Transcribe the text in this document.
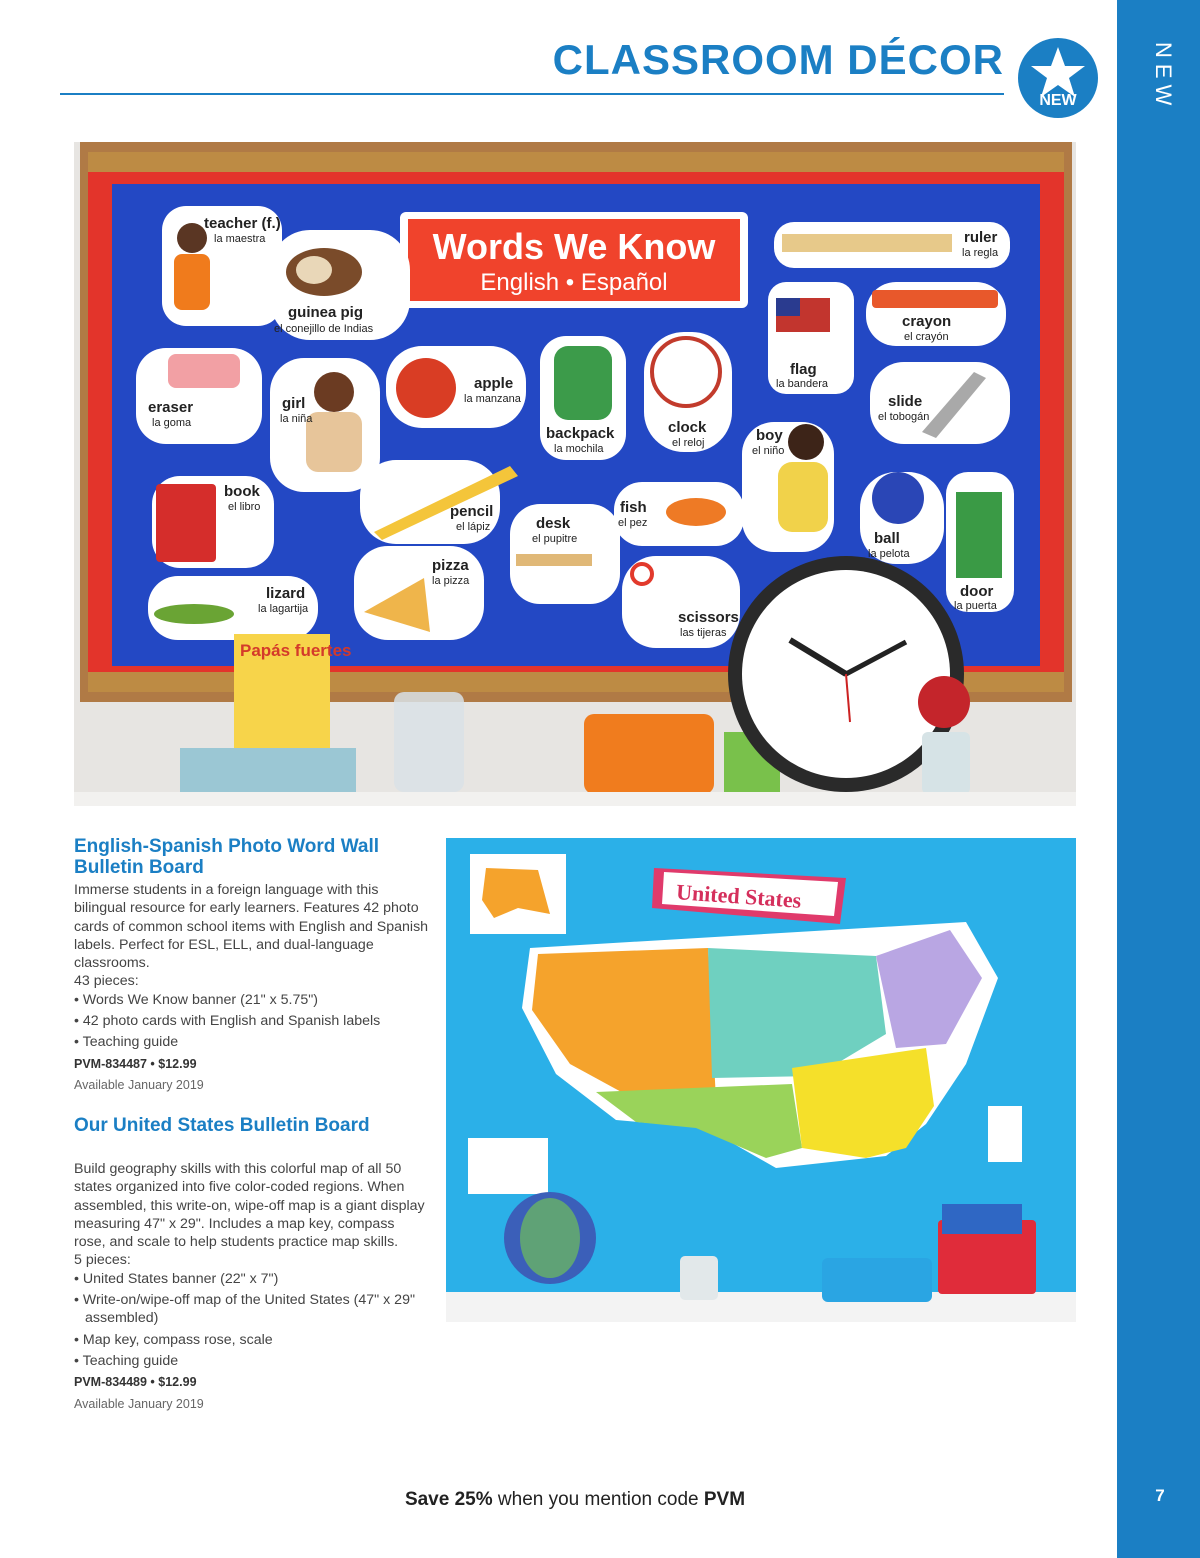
NEW
7
CLASSROOM DÉCOR
NEW
Words We Know
English • Español
teacher (f.)
la maestra
guinea pig
el conejillo de Indias
ruler
la regla
crayon
el crayón
flag
la bandera
eraser
la goma
girl
la niña
apple
la manzana
backpack
la mochila
clock
el reloj	boy
el niño
slide
el tobogán
book
el libro	pencil
el lápiz	desk
el pupitre
fish
el pez
ball
la pelota
door
la puerta
lizard
la lagartija
pizza
la pizza
scissors
las tijeras
Papás fuertes
United States
English-Spanish Photo Word Wall Bulletin Board

Immerse students in a foreign language with this bilingual resource for early learners. Features 42 photo cards of common school items with English and Spanish labels. Perfect for ESL, ELL, and dual-language classrooms.

43 pieces:

• Words We Know banner (21" x 5.75")

• 42 photo cards with English and Spanish labels

• Teaching guide

PVM-834487 • $12.99

Available January 2019

Our United States Bulletin Board

Build geography skills with this colorful map of all 50 states organized into five color-coded regions. When assembled, this write-on, wipe-off map is a giant display measuring 47" x 29". Includes a map key, compass rose, and scale to help students practice map skills.

5 pieces:

• United States banner (22" x 7")

• Write-on/wipe-off map of the United States (47" x 29" assembled)

• Map key, compass rose, scale

• Teaching guide

PVM-834489 • $12.99

Available January 2019

Save 25% when you mention code PVM
